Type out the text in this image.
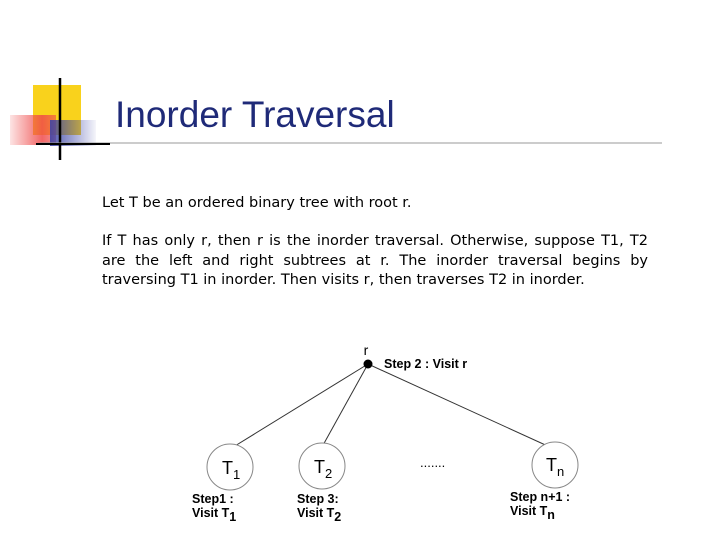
Inorder Traversal

Let T be an ordered binary tree with root r.

If T has only r, then r is the inorder traversal. Otherwise, suppose T1, T2 are the left and right subtrees at r. The inorder traversal begins by traversing T1 in inorder. Then visits r, then traverses T2 in inorder.

r
Step 2 : Visit r
$T_1$
Step1 :
Visit T1
$T_2$
Step 3:
Visit T2
.......	$T_n$
Step n+1 :
Visit Tn
